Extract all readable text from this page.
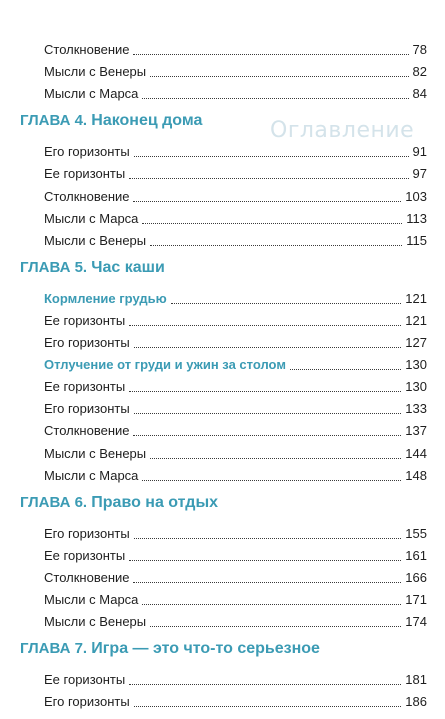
Оглавление
Столкновение	78
Мысли с Венеры	82
Мысли с Марса	84
ГЛАВА 4. Наконец дома
Его горизонты	91
Ее горизонты	97
Столкновение	103
Мысли с Марса	113
Мысли с Венеры	115
ГЛАВА 5. Час каши
Кормление грудью	121
Ее горизонты	121
Его горизонты	127
Отлучение от груди и ужин за столом	130
Ее горизонты	130
Его горизонты	133
Столкновение	137
Мысли с Венеры	144
Мысли с Марса	148
ГЛАВА 6. Право на отдых
Его горизонты	155
Ее горизонты	161
Столкновение	166
Мысли с Марса	171
Мысли с Венеры	174
ГЛАВА 7. Игра — это что-то серьезное
Ее горизонты	181
Его горизонты	186
